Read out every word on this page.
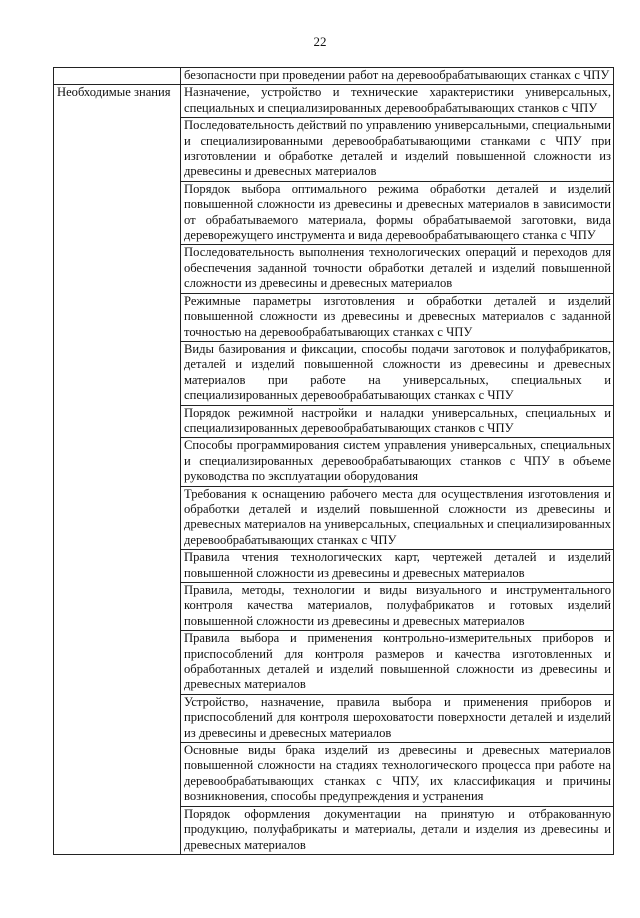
22
	безопасности при проведении работ на деревообрабатывающих станках с ЧПУ
Необходимые знания	Назначение, устройство и технические характеристики универсальных, специальных и специализированных деревообрабатывающих станков с ЧПУ
	Последовательность действий по управлению универсальными, специальными и специализированными деревообрабатывающими станками с ЧПУ при изготовлении и обработке деталей и изделий повышенной сложности из древесины и древесных материалов
	Порядок выбора оптимального режима обработки деталей и изделий повышенной сложности из древесины и древесных материалов в зависимости от обрабатываемого материала, формы обрабатываемой заготовки, вида дереворежущего инструмента и вида деревообрабатывающего станка с ЧПУ
	Последовательность выполнения технологических операций и переходов для обеспечения заданной точности обработки деталей и изделий повышенной сложности из древесины и древесных материалов
	Режимные параметры изготовления и обработки деталей и изделий повышенной сложности из древесины и древесных материалов с заданной точностью на деревообрабатывающих станках с ЧПУ
	Виды базирования и фиксации, способы подачи заготовок и полуфабрикатов, деталей и изделий повышенной сложности из древесины и древесных материалов при работе на универсальных, специальных и специализированных деревообрабатывающих станках с ЧПУ
	Порядок режимной настройки и наладки универсальных, специальных и специализированных деревообрабатывающих станков с ЧПУ
	Способы программирования систем управления универсальных, специальных и специализированных деревообрабатывающих станков с ЧПУ в объеме руководства по эксплуатации оборудования
	Требования к оснащению рабочего места для осуществления изготовления и обработки деталей и изделий повышенной сложности из древесины и древесных материалов на универсальных, специальных и специализированных деревообрабатывающих станках с ЧПУ
	Правила чтения технологических карт, чертежей деталей и изделий повышенной сложности из древесины и древесных материалов
	Правила, методы, технологии и виды визуального и инструментального контроля качества материалов, полуфабрикатов и готовых изделий повышенной сложности из древесины и древесных материалов
	Правила выбора и применения контрольно-измерительных приборов и приспособлений для контроля размеров и качества изготовленных и обработанных деталей и изделий повышенной сложности из древесины и древесных материалов
	Устройство, назначение, правила выбора и применения приборов и приспособлений для контроля шероховатости поверхности деталей и изделий из древесины и древесных материалов
	Основные виды брака изделий из древесины и древесных материалов повышенной сложности на стадиях технологического процесса при работе на деревообрабатывающих станках с ЧПУ, их классификация и причины возникновения, способы предупреждения и устранения
	Порядок оформления документации на принятую и отбракованную продукцию, полуфабрикаты и материалы, детали и изделия из древесины и древесных материалов
